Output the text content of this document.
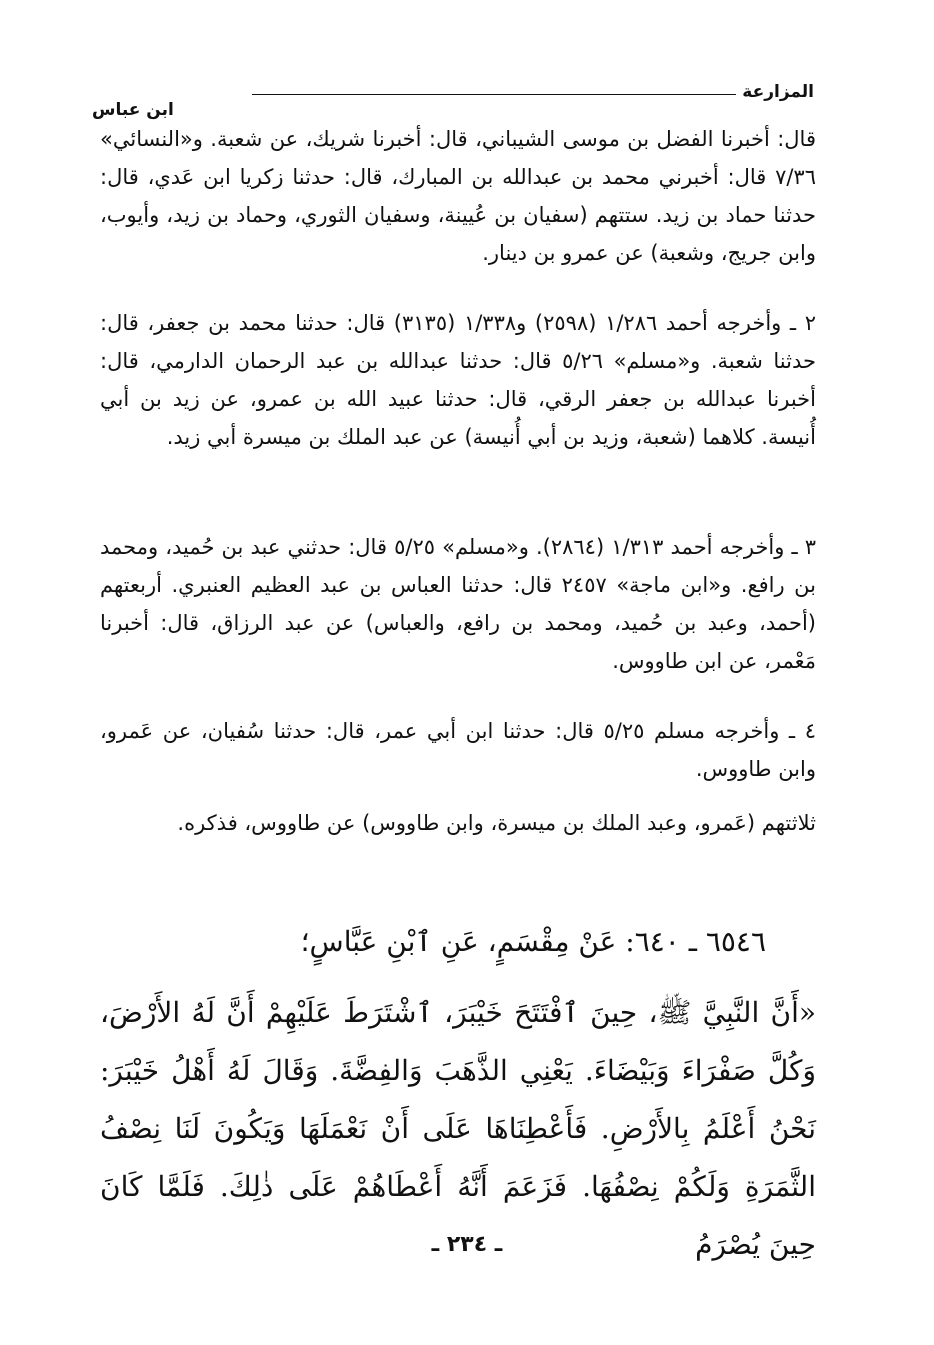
المزارعة
ابن عباس

قال: أخبرنا الفضل بن موسى الشيباني، قال: أخبرنا شريك، عن شعبة. و«النسائي» ٧/٣٦ قال: أخبرني محمد بن عبدالله بن المبارك، قال: حدثنا زكريا ابن عَدي، قال: حدثنا حماد بن زيد. ستتهم (سفيان بن عُيينة، وسفيان الثوري، وحماد بن زيد، وأيوب، وابن جريج، وشعبة) عن عمرو بن دينار.

٢ ـ وأخرجه أحمد ١/٢٨٦ (٢٥٩٨) و١/٣٣٨ (٣١٣٥) قال: حدثنا محمد بن جعفر، قال: حدثنا شعبة. و«مسلم» ٥/٢٦ قال: حدثنا عبدالله بن عبد الرحمان الدارمي، قال: أخبرنا عبدالله بن جعفر الرقي، قال: حدثنا عبيد الله بن عمرو، عن زيد بن أبي أُنيسة. كلاهما (شعبة، وزيد بن أبي أُنيسة) عن عبد الملك بن ميسرة أبي زيد.

٣ ـ وأخرجه أحمد ١/٣١٣ (٢٨٦٤). و«مسلم» ٥/٢٥ قال: حدثني عبد بن حُميد، ومحمد بن رافع. و«ابن ماجة» ٢٤٥٧ قال: حدثنا العباس بن عبد العظيم العنبري. أربعتهم (أحمد، وعبد بن حُميد، ومحمد بن رافع، والعباس) عن عبد الرزاق، قال: أخبرنا مَعْمر، عن ابن طاووس.

٤ ـ وأخرجه مسلم ٥/٢٥ قال: حدثنا ابن أبي عمر، قال: حدثنا سُفيان، عن عَمرو، وابن طاووس.

ثلاثتهم (عَمرو، وعبد الملك بن ميسرة، وابن طاووس) عن طاووس، فذكره.

٦٥٤٦ ـ ٦٤٠: عَنْ مِقْسَمٍ، عَنِ ٱبْنِ عَبَّاسٍ؛

«أَنَّ النَّبِيَّ ﷺ، حِينَ ٱفْتَتَحَ خَيْبَرَ، ٱشْتَرَطَ عَلَيْهِمْ أَنَّ لَهُ الأَرْضَ، وَكُلَّ صَفْرَاءَ وَبَيْضَاءَ. يَعْنِي الذَّهَبَ وَالفِضَّةَ. وَقَالَ لَهُ أَهْلُ خَيْبَرَ: نَحْنُ أَعْلَمُ بِالأَرْضِ. فَأَعْطِنَاهَا عَلَى أَنْ نَعْمَلَهَا وَيَكُونَ لَنَا نِصْفُ الثَّمَرَةِ وَلَكُمْ نِصْفُهَا. فَزَعَمَ أَنَّهُ أَعْطَاهُمْ عَلَى ذٰلِكَ. فَلَمَّا كَانَ حِينَ يُصْرَمُ

ـ ٢٣٤ ـ
